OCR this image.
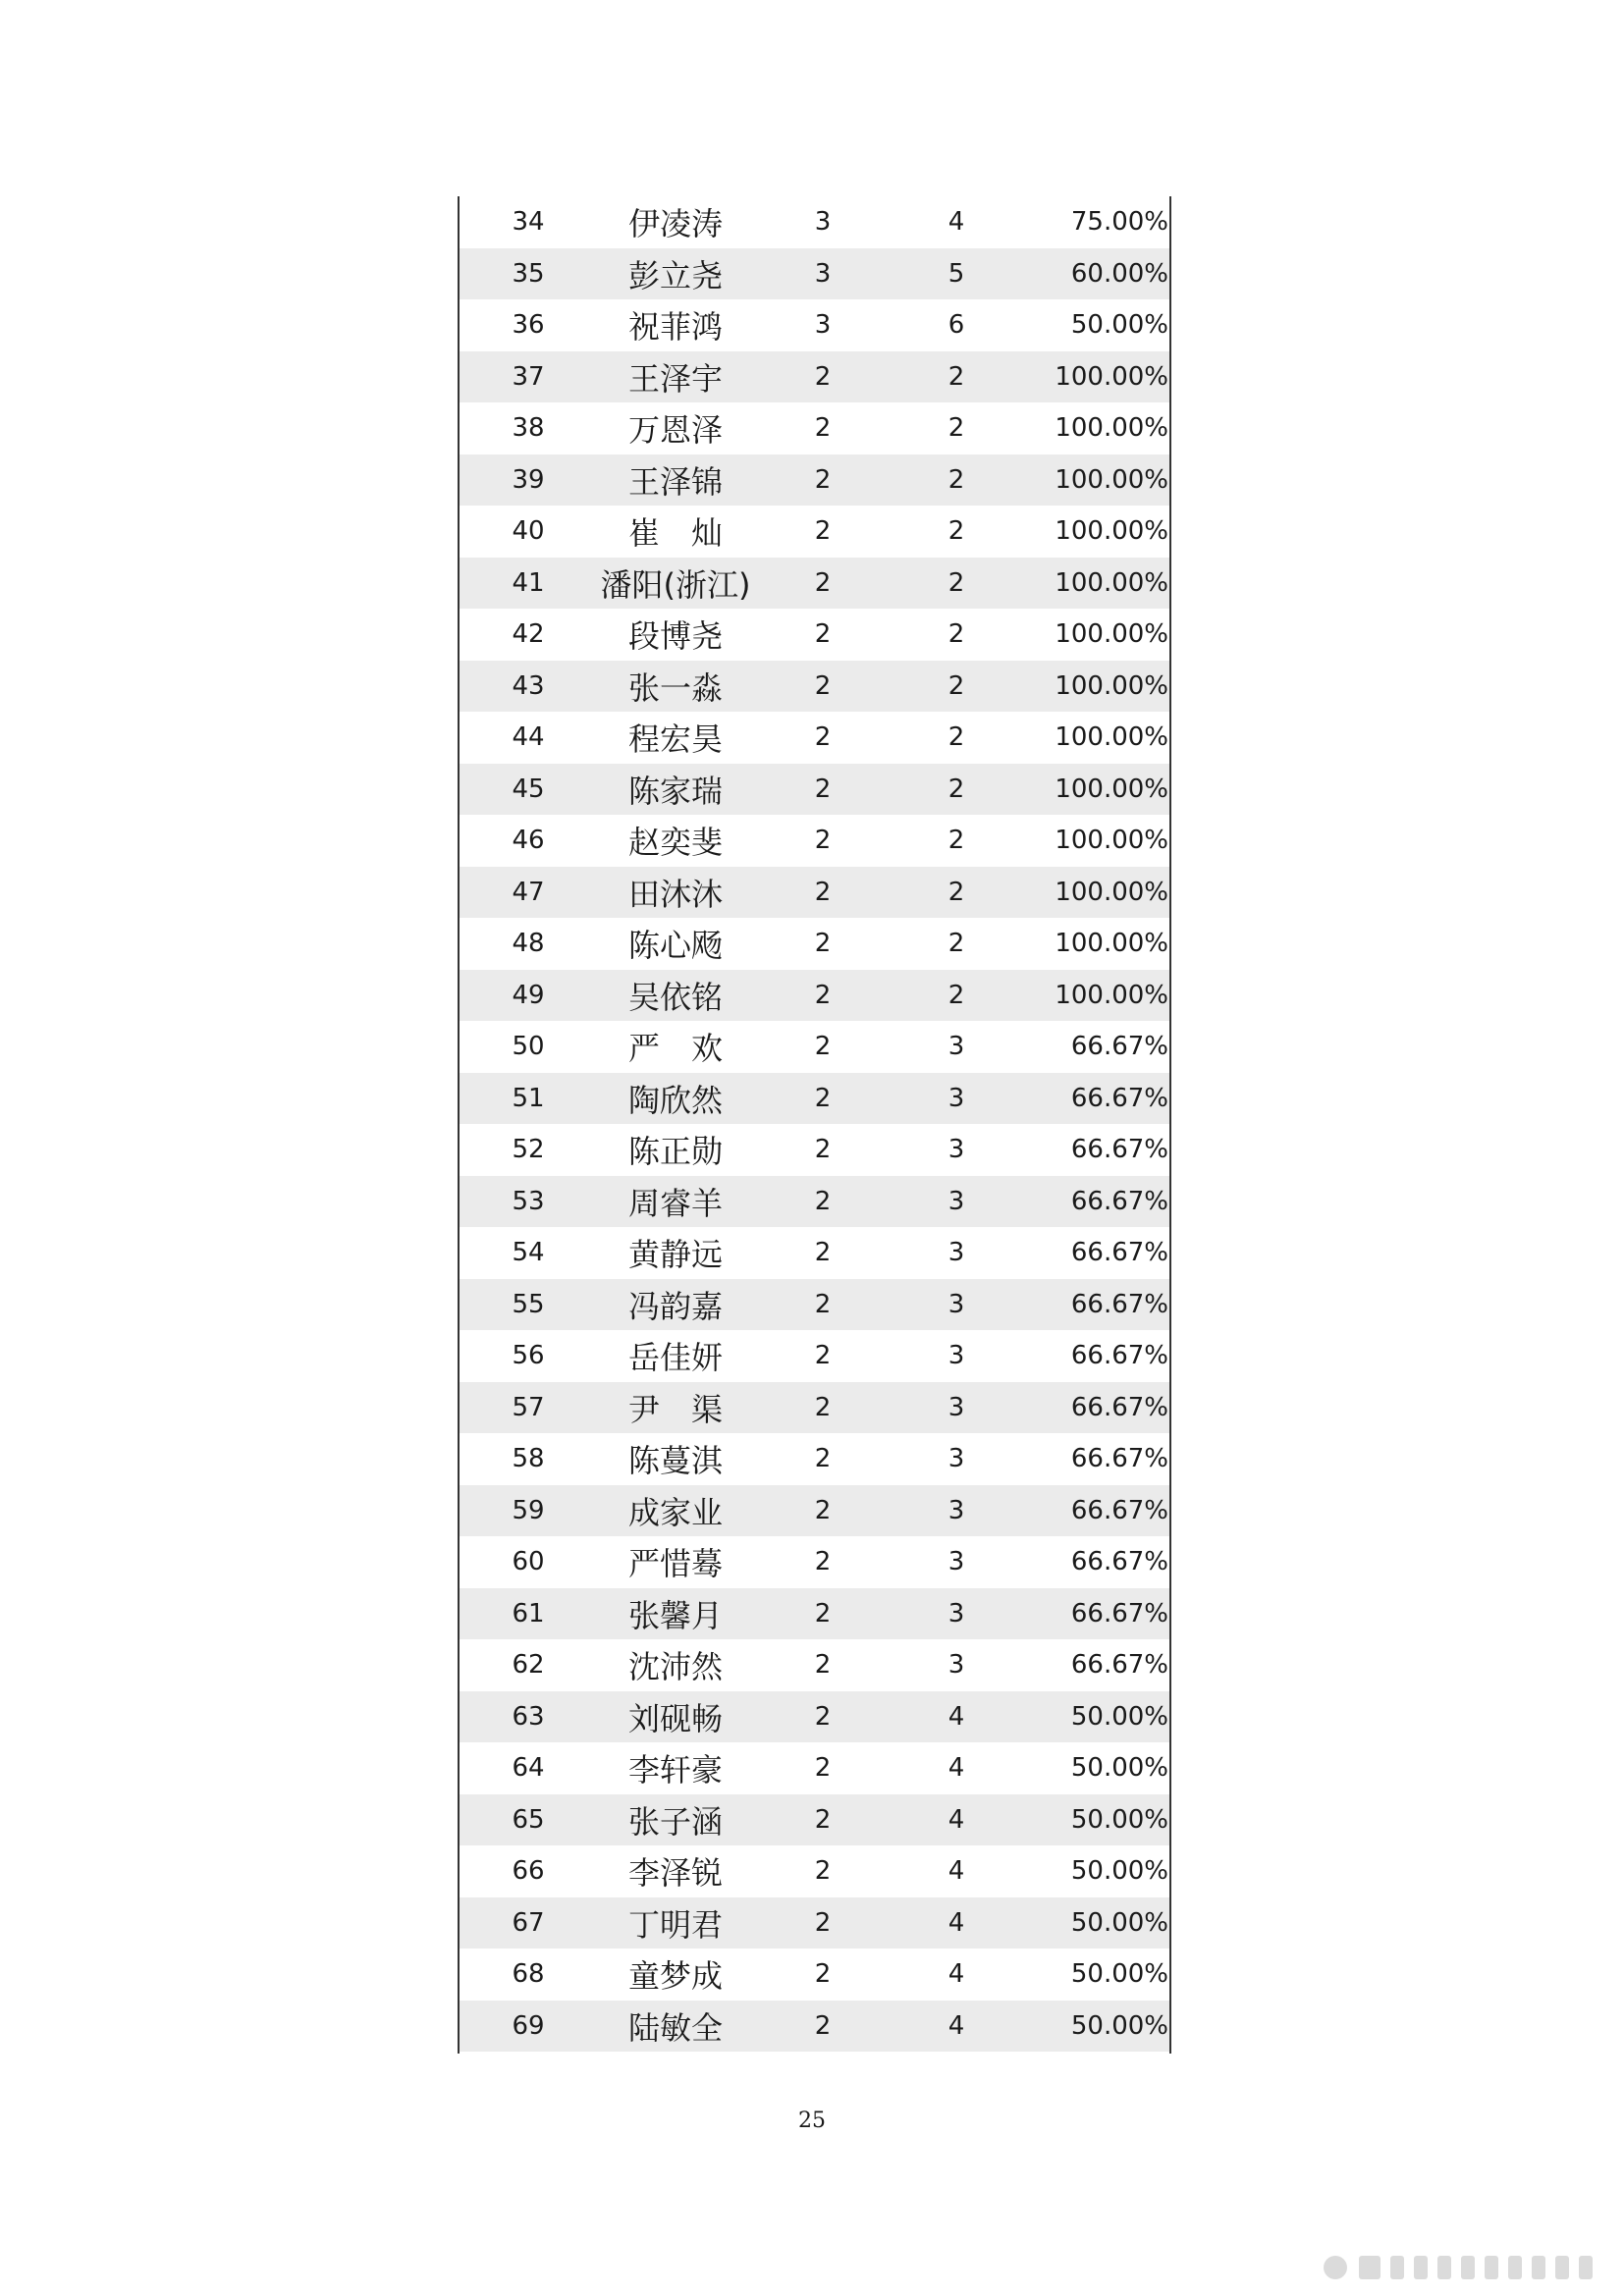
34	伊凌涛	3	4	75.00%
35	彭立尧	3	5	60.00%
36	祝菲鸿	3	6	50.00%
37	王泽宇	2	2	100.00%
38	万恩泽	2	2	100.00%
39	王泽锦	2	2	100.00%
40	崔　灿	2	2	100.00%
41	潘阳(浙江)	2	2	100.00%
42	段博尧	2	2	100.00%
43	张一淼	2	2	100.00%
44	程宏昊	2	2	100.00%
45	陈家瑞	2	2	100.00%
46	赵奕斐	2	2	100.00%
47	田沐沐	2	2	100.00%
48	陈心飏	2	2	100.00%
49	吴依铭	2	2	100.00%
50	严　欢	2	3	66.67%
51	陶欣然	2	3	66.67%
52	陈正勋	2	3	66.67%
53	周睿羊	2	3	66.67%
54	黄静远	2	3	66.67%
55	冯韵嘉	2	3	66.67%
56	岳佳妍	2	3	66.67%
57	尹　渠	2	3	66.67%
58	陈蔓淇	2	3	66.67%
59	成家业	2	3	66.67%
60	严惜蓦	2	3	66.67%
61	张馨月	2	3	66.67%
62	沈沛然	2	3	66.67%
63	刘砚畅	2	4	50.00%
64	李轩豪	2	4	50.00%
65	张子涵	2	4	50.00%
66	李泽锐	2	4	50.00%
67	丁明君	2	4	50.00%
68	童梦成	2	4	50.00%
69	陆敏全	2	4	50.00%
25
